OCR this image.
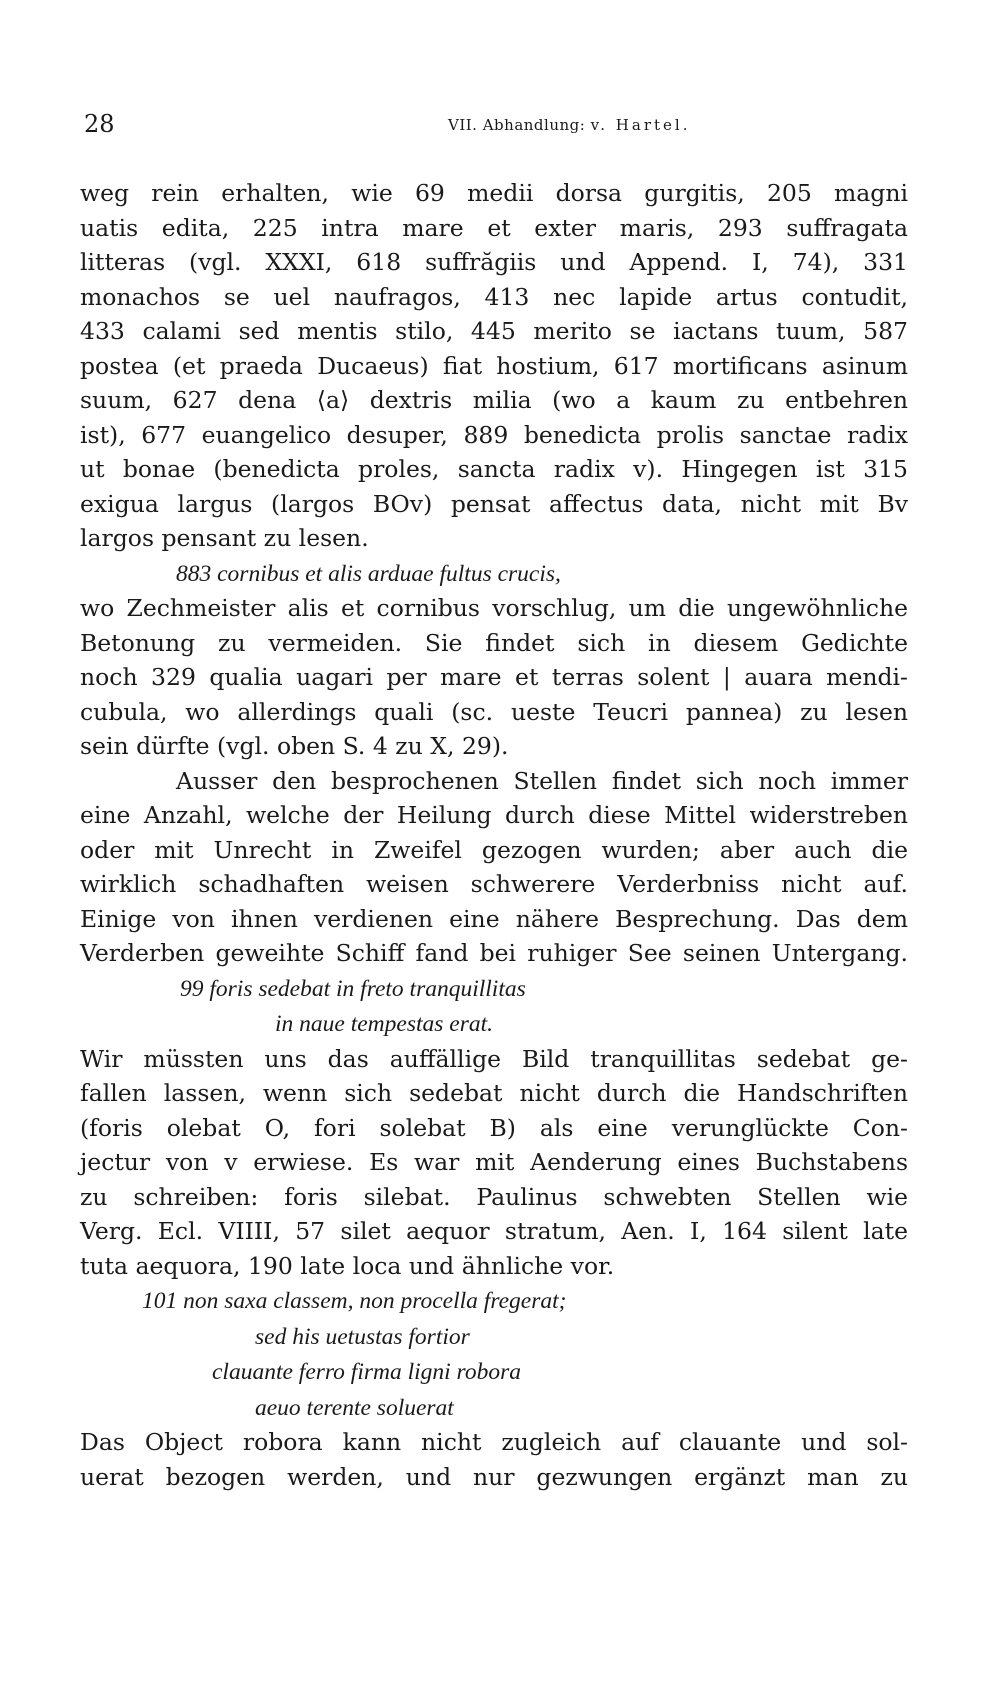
28	VII. Abhandlung: v. Hartel.
weg rein erhalten, wie 69 medii dorsa gurgitis, 205 magni
uatis edita, 225 intra mare et exter maris, 293 suffragata
litteras (vgl. XXXI, 618 suffrăgiis und Append. I, 74), 331
monachos se uel naufragos, 413 nec lapide artus contudit,
433 calami sed mentis stilo, 445 merito se iactans tuum, 587
postea (et praeda Ducaeus) fiat hostium, 617 mortificans asinum
suum, 627 dena ⟨a⟩ dextris milia (wo a kaum zu entbehren
ist), 677 euangelico desuper, 889 benedicta prolis sanctae radix
ut bonae (benedicta proles, sancta radix v). Hingegen ist 315
exigua largus (largos BOv) pensat affectus data, nicht mit Bv
largos pensant zu lesen.
883 cornibus et alis arduae fultus crucis,
wo Zechmeister alis et cornibus vorschlug, um die ungewöhnliche
Betonung zu vermeiden. Sie findet sich in diesem Gedichte
noch 329 qualia uagari per mare et terras solent | auara mendi-
cubula, wo allerdings quali (sc. ueste Teucri pannea) zu lesen
sein dürfte (vgl. oben S. 4 zu X, 29).
Ausser den besprochenen Stellen findet sich noch immer
eine Anzahl, welche der Heilung durch diese Mittel widerstreben
oder mit Unrecht in Zweifel gezogen wurden; aber auch die
wirklich schadhaften weisen schwerere Verderbniss nicht auf.
Einige von ihnen verdienen eine nähere Besprechung. Das dem
Verderben geweihte Schiff fand bei ruhiger See seinen Untergang.
99 foris sedebat in freto tranquillitas
in naue tempestas erat.
Wir müssten uns das auffällige Bild tranquillitas sedebat ge-
fallen lassen, wenn sich sedebat nicht durch die Handschriften
(foris olebat O, fori solebat B) als eine verunglückte Con-
jectur von v erwiese. Es war mit Aenderung eines Buchstabens
zu schreiben: foris silebat. Paulinus schwebten Stellen wie
Verg. Ecl. VIIII, 57 silet aequor stratum, Aen. I, 164 silent late
tuta aequora, 190 late loca und ähnliche vor.
101 non saxa classem, non procella fregerat;
sed his uetustas fortior
clauante ferro firma ligni robora
aeuo terente soluerat
Das Object robora kann nicht zugleich auf clauante und sol-
uerat bezogen werden, und nur gezwungen ergänzt man zu
